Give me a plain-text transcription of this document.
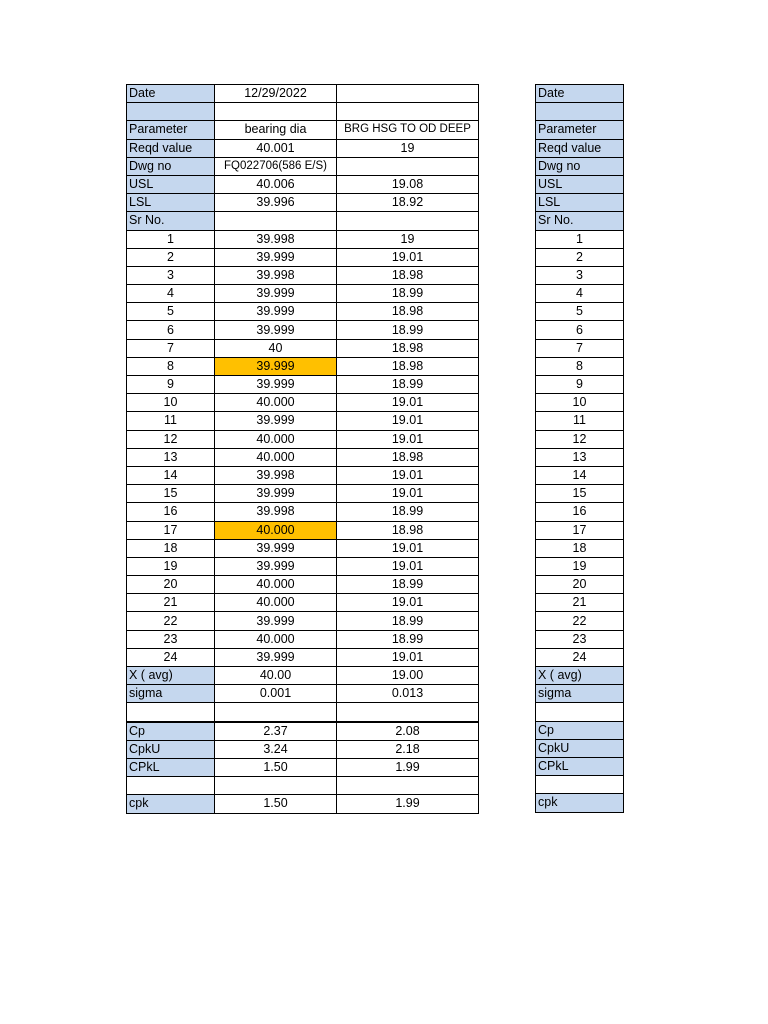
Date	12/29/2022	

Parameter	bearing dia	BRG HSG TO OD DEEP
Reqd value	40.001	19
Dwg no	FQ022706(586 E/S)	
USL	40.006	19.08
LSL	39.996	18.92
Sr No.		
1	39.998	19
2	39.999	19.01
3	39.998	18.98
4	39.999	18.99
5	39.999	18.98
6	39.999	18.99
7	40	18.98
8	39.999	18.98
9	39.999	18.99
10	40.000	19.01
11	39.999	19.01
12	40.000	19.01
13	40.000	18.98
14	39.998	19.01
15	39.999	19.01
16	39.998	18.99
17	40.000	18.98
18	39.999	19.01
19	39.999	19.01
20	40.000	18.99
21	40.000	19.01
22	39.999	18.99
23	40.000	18.99
24	39.999	19.01
X ( avg)	40.00	19.00
sigma	0.001	0.013

Cp	2.37	2.08
CpkU	3.24	2.18
CPkL	1.50	1.99

cpk	1.50	1.99
Date

Parameter
Reqd value
Dwg no
USL
LSL
Sr No.
1
2
3
4
5
6
7
8
9
10
11
12
13
14
15
16
17
18
19
20
21
22
23
24
X ( avg)
sigma

Cp
CpkU
CPkL

cpk
